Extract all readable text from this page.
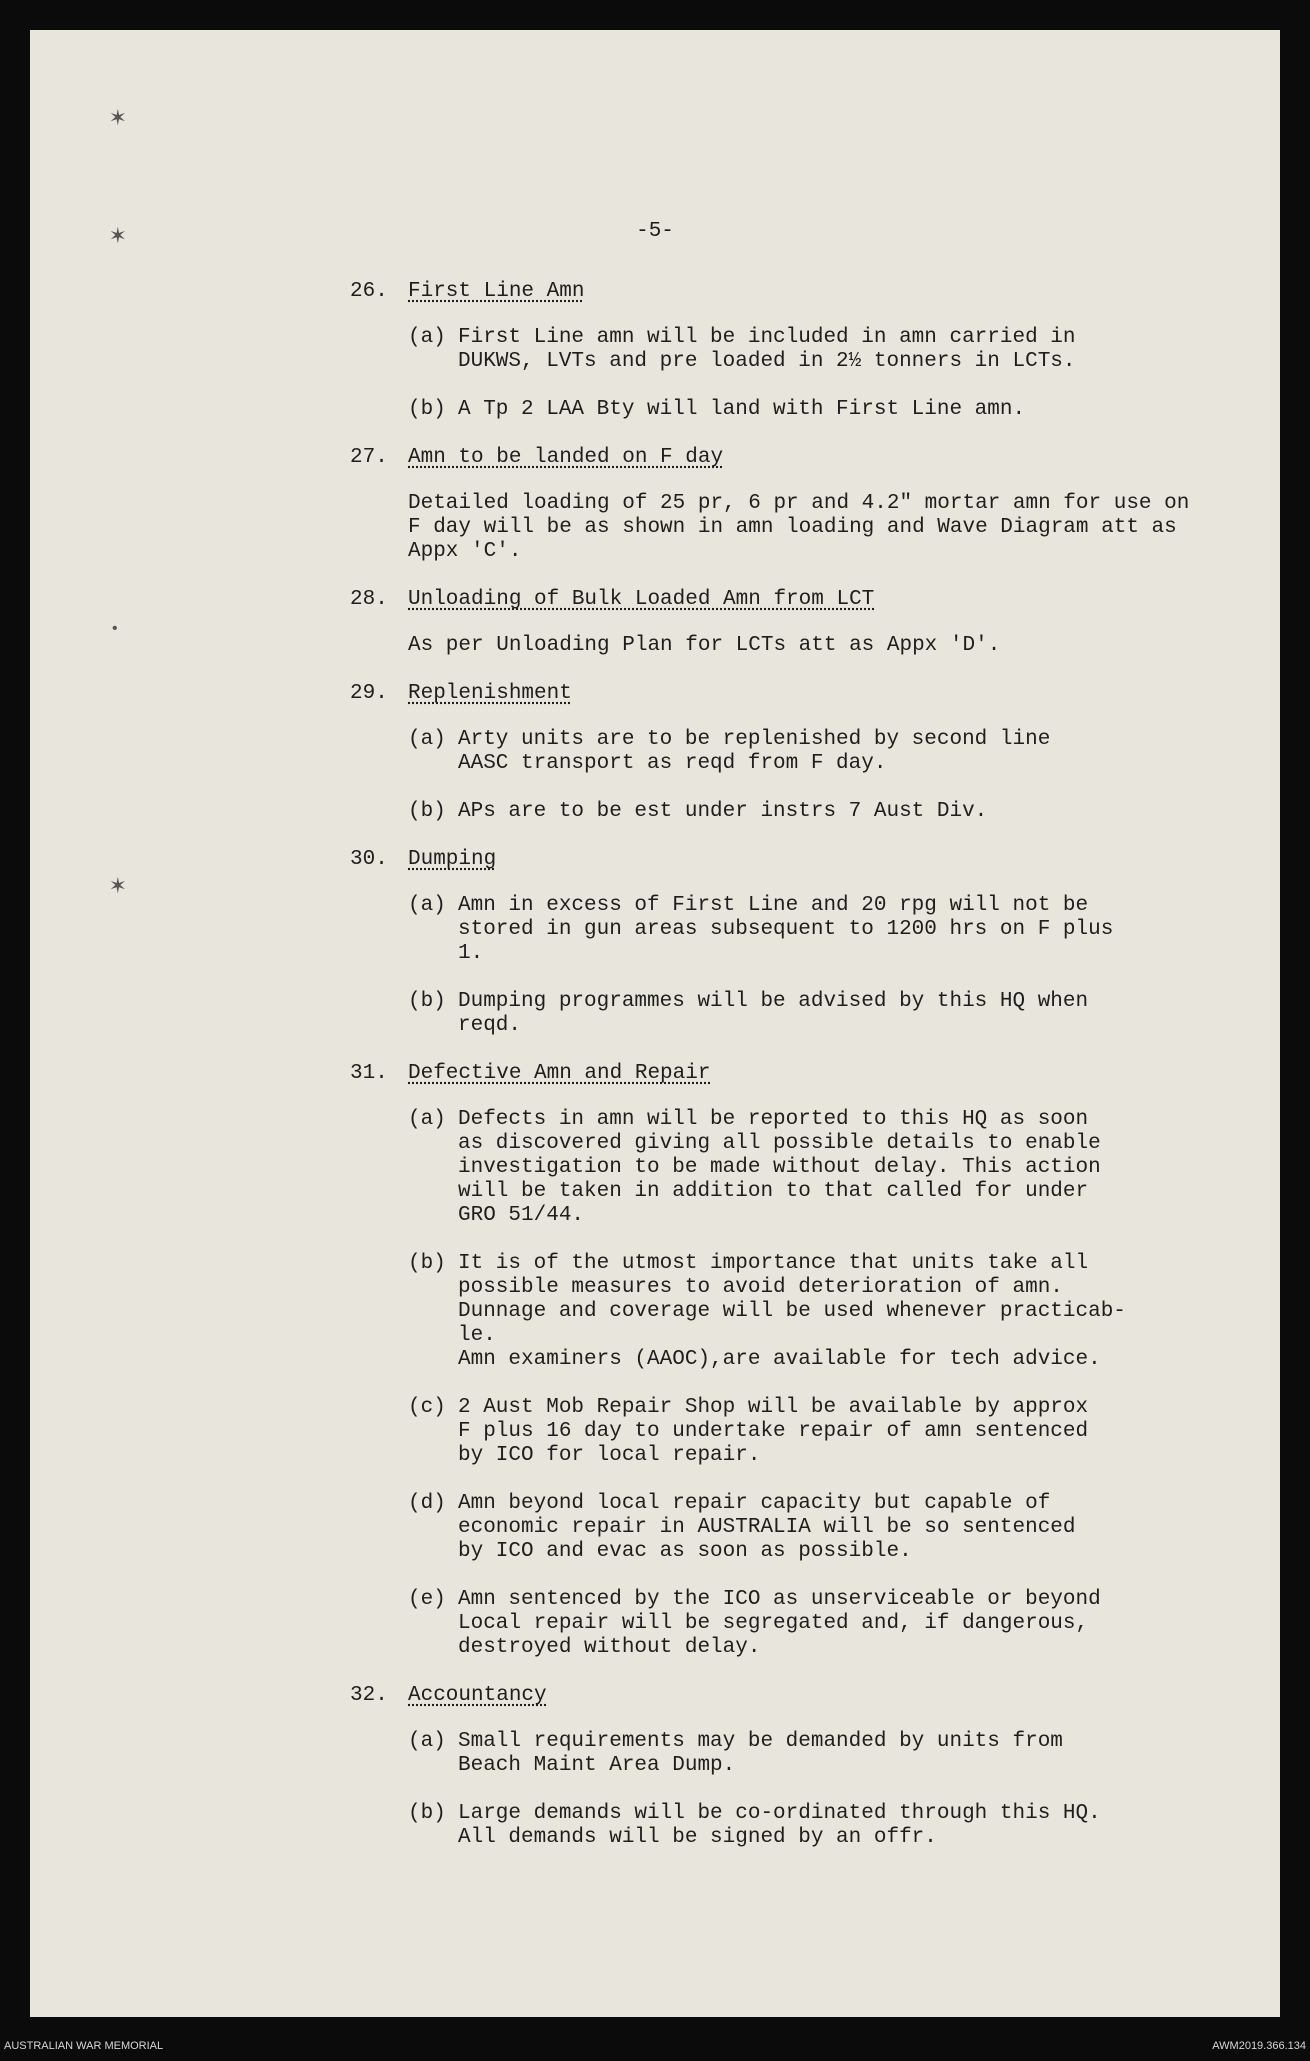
✶
✶
•
✶
-5-
26. First Line Amn
(a) First Line amn will be included in amn carried in
DUKWS, LVTs and pre loaded in 2½ tonners in LCTs.
(b) A Tp 2 LAA Bty will land with First Line amn.
27. Amn to be landed on F day
Detailed loading of 25 pr, 6 pr and 4.2" mortar amn for use on F day will be as shown in amn loading and Wave Diagram att as Appx 'C'.
28. Unloading of Bulk Loaded Amn from LCT
As per Unloading Plan for LCTs att as Appx 'D'.
29. Replenishment
(a) Arty units are to be replenished by second line
AASC transport as reqd from F day.
(b) APs are to be est under instrs 7 Aust Div.
30. Dumping
(a) Amn in excess of First Line and 20 rpg will not be
stored in gun areas subsequent to 1200 hrs on F plus
1.
(b) Dumping programmes will be advised by this HQ when
reqd.
31. Defective Amn and Repair
(a) Defects in amn will be reported to this HQ as soon
as discovered giving all possible details to enable
investigation to be made without delay. This action
will be taken in addition to that called for under
GRO 51/44.
(b) It is of the utmost importance that units take all
possible measures to avoid deterioration of amn.
Dunnage and coverage will be used whenever practicab-
le.
Amn examiners (AAOC),are available for tech advice.
(c) 2 Aust Mob Repair Shop will be available by approx
F plus 16 day to undertake repair of amn sentenced
by ICO for local repair.
(d) Amn beyond local repair capacity but capable of
economic repair in AUSTRALIA will be so sentenced
by ICO and evac as soon as possible.
(e) Amn sentenced by the ICO as unserviceable or beyond
Local repair will be segregated and, if dangerous,
destroyed without delay.
32. Accountancy
(a) Small requirements may be demanded by units from
Beach Maint Area Dump.
(b) Large demands will be co-ordinated through this HQ.
All demands will be signed by an offr.
AUSTRALIAN WAR MEMORIAL	AWM2019.366.134
